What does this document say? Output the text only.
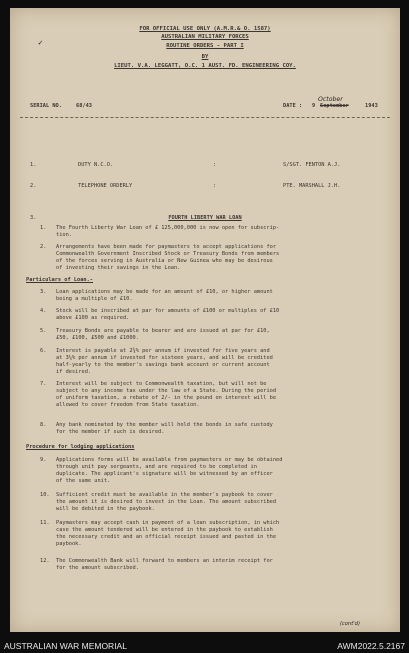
FOR OFFICIAL USE ONLY (A.M.R.& O. 1587)
AUSTRALIAN MILITARY FORCES
ROUTINE ORDERS - PART I
BY
LIEUT. V.A. LEGGATT, O.C. 1 AUST. FD. ENGINEERING COY.
✓
SERIAL NO.	68/43	DATE : 9
October
September	1943
1.	DUTY N.C.O.	:	S/SGT. FENTON A.J.
2.	TELEPHONE ORDERLY	:	PTE. MARSHALL J.H.
3.	FOURTH LIBERTY WAR LOAN
1. The Fourth Liberty War Loan of £ 125,000,000 is now open for subscrip-
tion.
2. Arrangements have been made for paymasters to accept applications for
Commonwealth Government Inscribed Stock or Treasury Bonds from members
of the forces serving in Australia or New Guinea who may be desirous
of investing their savings in the Loan.
Particulars of Loan.-
3. Loan applications may be made for an amount of £10, or higher amount
being a multiple of £10.
4. Stock will be inscribed at par for amounts of £100 or multiples of £10
above £100 as required.
5. Treasury Bonds are payable to bearer and are issued at par for £10,
£50, £100, £500 and £1000.
6. Interest is payable at 2¾% per annum if invested for five years and
at 3¼% per annum if invested for sixteen years, and will be credited
half-yearly to the member's savings bank account or current account
if desired.
7. Interest will be subject to Commonwealth taxation, but will not be
subject to any income tax under the law of a State. During the period
of uniform taxation, a rebate of 2/- in the pound on interest will be
allowed to cover freedom from State taxation.
8. Any bank nominated by the member will hold the bonds in safe custody
for the member if such is desired.
Procedure for lodging applications
9. Applications forms will be available from paymasters or may be obtained
through unit pay sergeants, and are required to be completed in
duplicate. The applicant's signature will be witnessed by an officer
of the same unit.
10. Sufficient credit must be available in the member's paybook to cover
the amount it is desired to invest in the Loan. The amount subscribed
will be debited in the paybook.
11. Paymasters may accept cash in payment of a loan subscription, in which
case the amount tendered will be entered in the paybook to establish
the necessary credit and an official receipt issued and pasted in the
paybook.
12. The Commonwealth Bank will forward to members an interim receipt for
for the amount subscribed.
(cont'd)
AUSTRALIAN WAR MEMORIAL	AWM2022.5.2167
